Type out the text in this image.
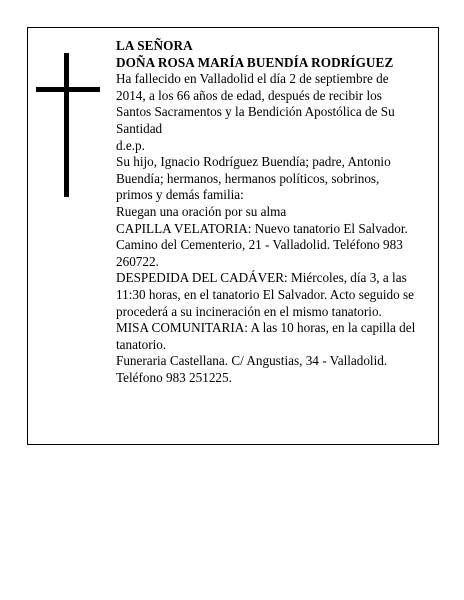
LA SEÑORA
DOÑA ROSA MARÍA BUENDÍA RODRÍGUEZ
Ha fallecido en Valladolid el día 2 de septiembre de 2014, a los 66 años de edad, después de recibir los Santos Sacramentos y la Bendición Apostólica de Su Santidad
d.e.p.
Su hijo, Ignacio Rodríguez Buendía; padre, Antonio Buendía; hermanos, hermanos políticos, sobrinos, primos y demás familia:
Ruegan una oración por su alma
CAPILLA VELATORIA: Nuevo tanatorio El Salvador. Camino del Cementerio, 21 - Valladolid. Teléfono 983 260722.
DESPEDIDA DEL CADÁVER: Miércoles, día 3, a las 11:30 horas, en el tanatorio El Salvador. Acto seguido se procederá a su incineración en el mismo tanatorio.
MISA COMUNITARIA: A las 10 horas, en la capilla del tanatorio.
Funeraria Castellana. C/ Angustias, 34 - Valladolid. Teléfono 983 251225.
